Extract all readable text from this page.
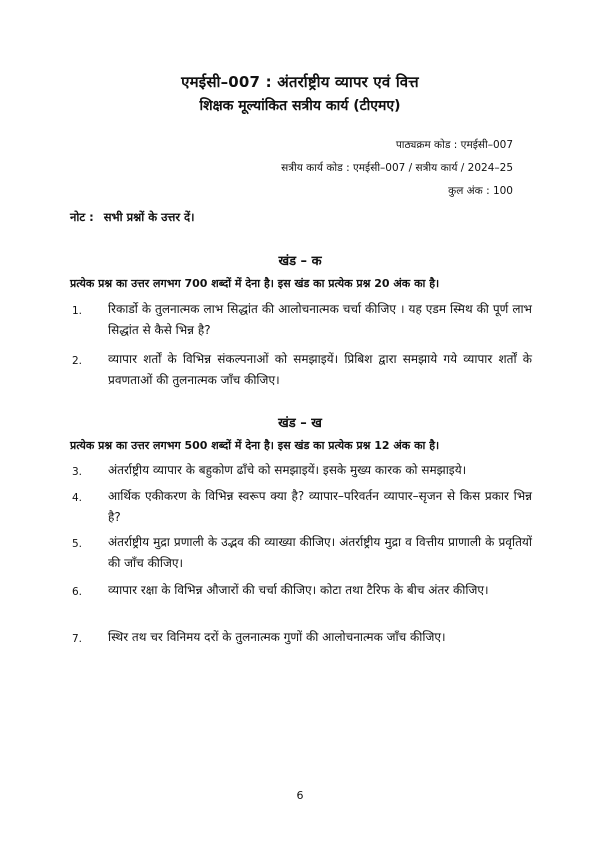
एमईसी–007 : अंतर्राष्ट्रीय व्यापर एवं वित्त
शिक्षक मूल्यांकित सत्रीय कार्य (टीएमए)
पाठ्यक्रम कोड : एमईसी–007
सत्रीय कार्य कोड : एमईसी–007 / सत्रीय कार्य / 2024–25
कुल अंक : 100
नोट : सभी प्रश्नों के उत्तर दें।
खंड – क
प्रत्येक प्रश्न का उत्तर लगभग 700 शब्दों में देना है। इस खंड का प्रत्येक प्रश्न 20 अंक का है।
1. रिकार्डो के तुलनात्मक लाभ सिद्धांत की आलोचनात्मक चर्चा कीजिए । यह एडम स्मिथ की पूर्ण लाभ सिद्धांत से कैसे भिन्न है?
2. व्यापार शर्तों के विभिन्न संकल्पनाओं को समझाइयें। प्रिबिश द्वारा समझाये गये व्यापार शर्तों के प्रवणताओं की तुलनात्मक जाँच कीजिए।
खंड – ख
प्रत्येक प्रश्न का उत्तर लगभग 500 शब्दों में देना है। इस खंड का प्रत्येक प्रश्न 12 अंक का है।
3. अंतर्राष्ट्रीय व्यापार के बहुकोण ढाँचे को समझाइयें। इसके मुख्य कारक को समझाइये।
4. आर्थिक एकीकरण के विभिन्न स्वरूप क्या है? व्यापार–परिवर्तन व्यापार–सृजन से किस प्रकार भिन्न है?
5. अंतर्राष्ट्रीय मुद्रा प्रणाली के उद्भव की व्याख्या कीजिए। अंतर्राष्ट्रीय मुद्रा व वित्तीय प्राणाली के प्रवृतियों की जाँच कीजिए।
6. व्यापार रक्षा के विभिन्न औजारों की चर्चा कीजिए। कोटा तथा टैरिफ के बीच अंतर कीजिए।
7. स्थिर तथ चर विनिमय दरों के तुलनात्मक गुणों की आलोचनात्मक जाँच कीजिए।
6
